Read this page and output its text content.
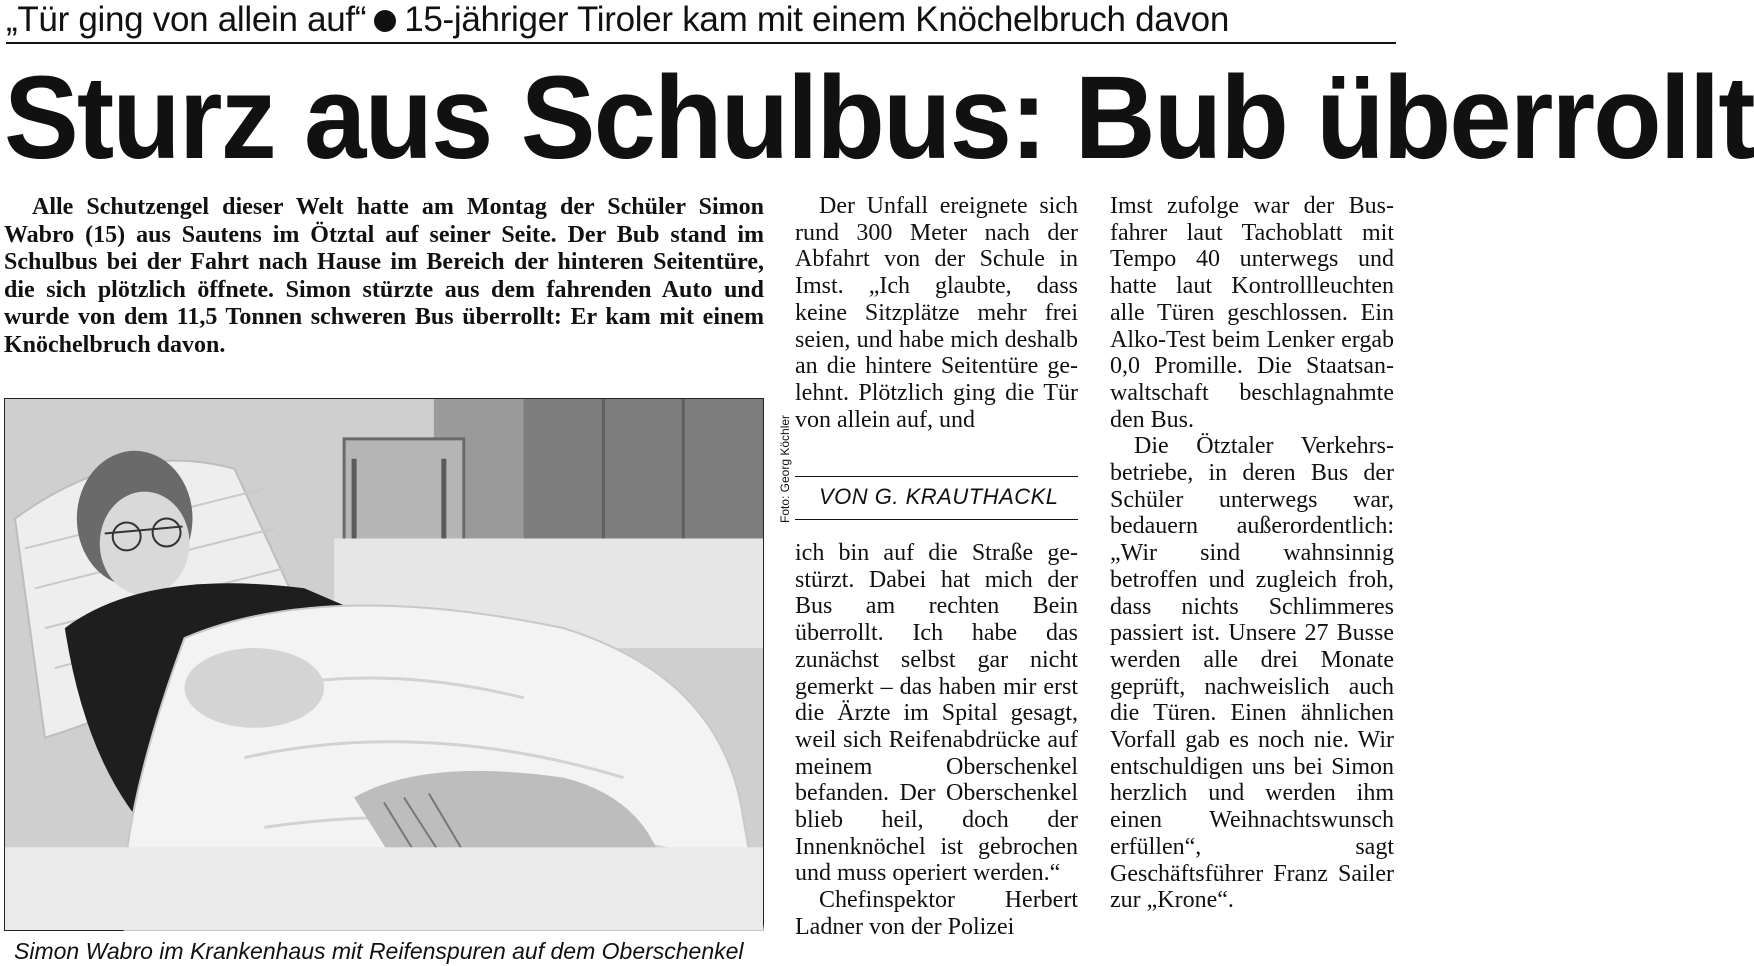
„Tür ging von allein auf“ 15-jähriger Tiroler kam mit einem Knöchelbruch davon
Sturz aus Schulbus: Bub überrollt
Alle Schutzengel dieser Welt hatte am Montag der Schüler Simon Wabro (15) aus Sautens im Ötztal auf seiner Seite. Der Bub stand im Schulbus bei der Fahrt nach Hause im Bereich der hinteren Seitentüre, die sich plötzlich öffnete. Simon stürzte aus dem fahrenden Auto und wurde von dem 11,5 Tonnen schweren Bus überrollt: Er kam mit einem Knöchelbruch davon.
Foto: Georg Köchler
Simon Wabro im Krankenhaus mit Reifenspuren auf dem Oberschenkel

Der Unfall ereignete sich rund 300 Meter nach der Abfahrt von der Schule in Imst. „Ich glaubte, dass keine Sitzplätze mehr frei seien, und habe mich deshalb an die hintere Seitentüre gelehnt. Plötzlich ging die Tür von allein auf, und

VON G. KRAUTHACKL

ich bin auf die Straße gestürzt. Dabei hat mich der Bus am rechten Bein überrollt. Ich habe das zunächst selbst gar nicht gemerkt – das haben mir erst die Ärzte im Spital gesagt, weil sich Reifenabdrücke auf meinem Oberschenkel befanden. Der Oberschenkel blieb heil, doch der Innenknöchel ist gebrochen und muss operiert werden.“

Chefinspektor Herbert Ladner von der Polizei

Imst zufolge war der Busfahrer laut Tachoblatt mit Tempo 40 unterwegs und hatte laut Kontrollleuchten alle Türen geschlossen. Ein Alko-Test beim Lenker ergab 0,0 Promille. Die Staatsanwaltschaft beschlagnahmte den Bus.

Die Ötztaler Verkehrsbetriebe, in deren Bus der Schüler unterwegs war, bedauern außerordentlich: „Wir sind wahnsinnig betroffen und zugleich froh, dass nichts Schlimmeres passiert ist. Unsere 27 Busse werden alle drei Monate geprüft, nachweislich auch die Türen. Einen ähnlichen Vorfall gab es noch nie. Wir entschuldigen uns bei Simon herzlich und werden ihm einen Weihnachtswunsch erfüllen“, sagt Geschäftsführer Franz Sailer zur „Krone“.
